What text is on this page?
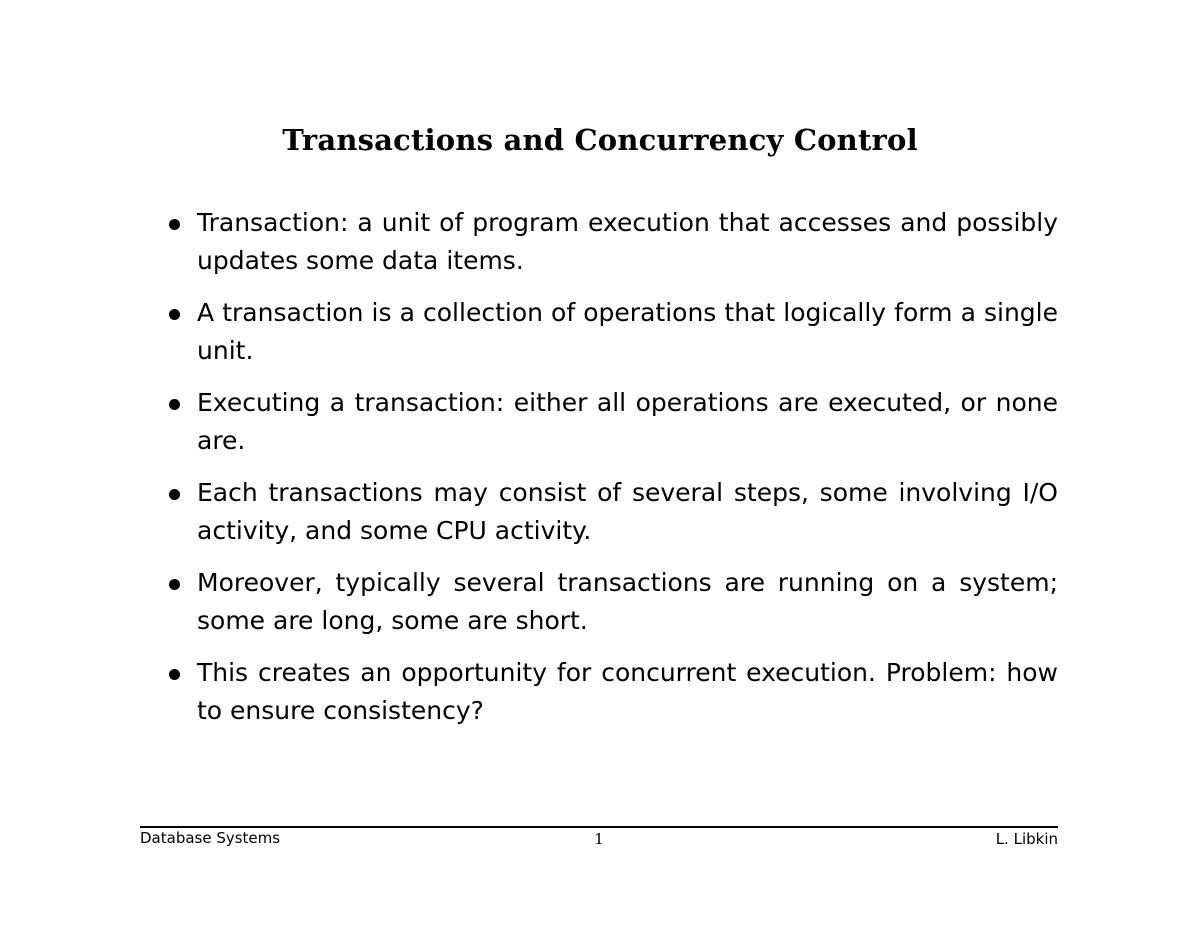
Transactions and Concurrency Control
Transaction: a unit of program execution that accesses and possibly updates some data items.
A transaction is a collection of operations that logically form a single unit.
Executing a transaction: either all operations are executed, or none are.
Each transactions may consist of several steps, some involving I/O activity, and some CPU activity.
Moreover, typically several transactions are running on a system; some are long, some are short.
This creates an opportunity for concurrent execution. Problem: how to ensure consistency?
Database Systems	1	L. Libkin
